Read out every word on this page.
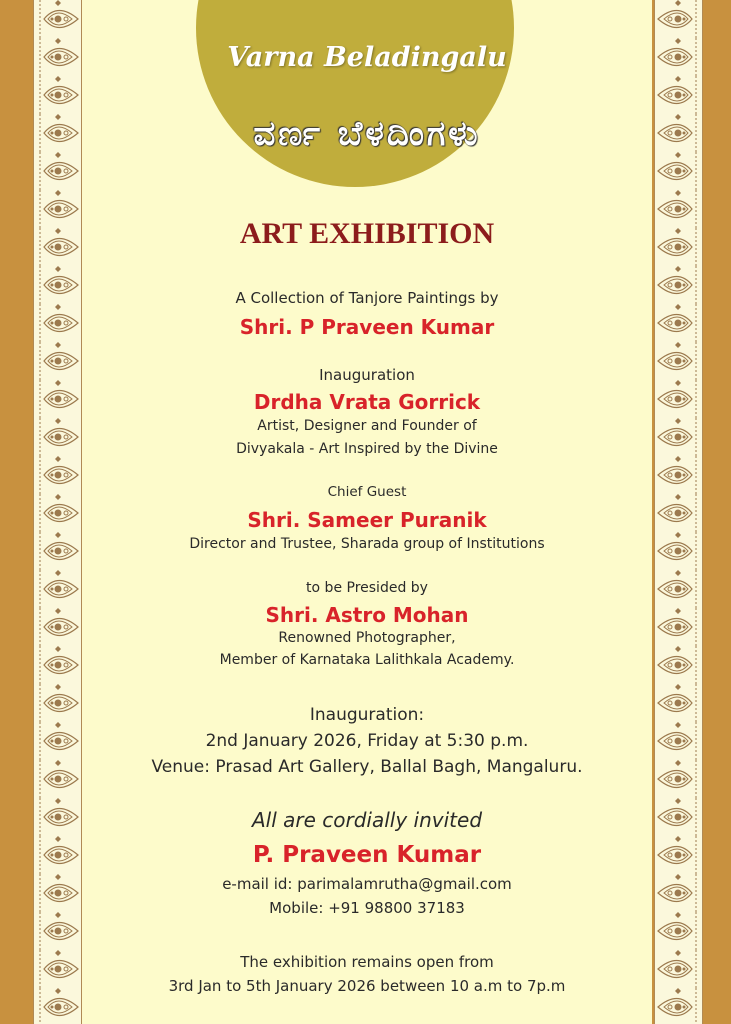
Varna Beladingalu
ವರ್ಣ ಬೆಳದಿಂಗಳು
ART EXHIBITION
A Collection of Tanjore Paintings by
Shri. P Praveen Kumar
Inauguration
Drdha Vrata Gorrick
Artist, Designer and Founder of
Divyakala - Art Inspired by the Divine
Chief Guest
Shri. Sameer Puranik
Director and Trustee, Sharada group of Institutions
to be Presided by
Shri. Astro Mohan
Renowned Photographer,
Member of Karnataka Lalithkala Academy.
Inauguration:
2nd January 2026, Friday at 5:30 p.m.
Venue: Prasad Art Gallery, Ballal Bagh, Mangaluru.
All are cordially invited
P. Praveen Kumar
e-mail id: parimalamrutha@gmail.com
Mobile: +91 98800 37183
The exhibition remains open from
3rd Jan to 5th January 2026 between 10 a.m to 7p.m
